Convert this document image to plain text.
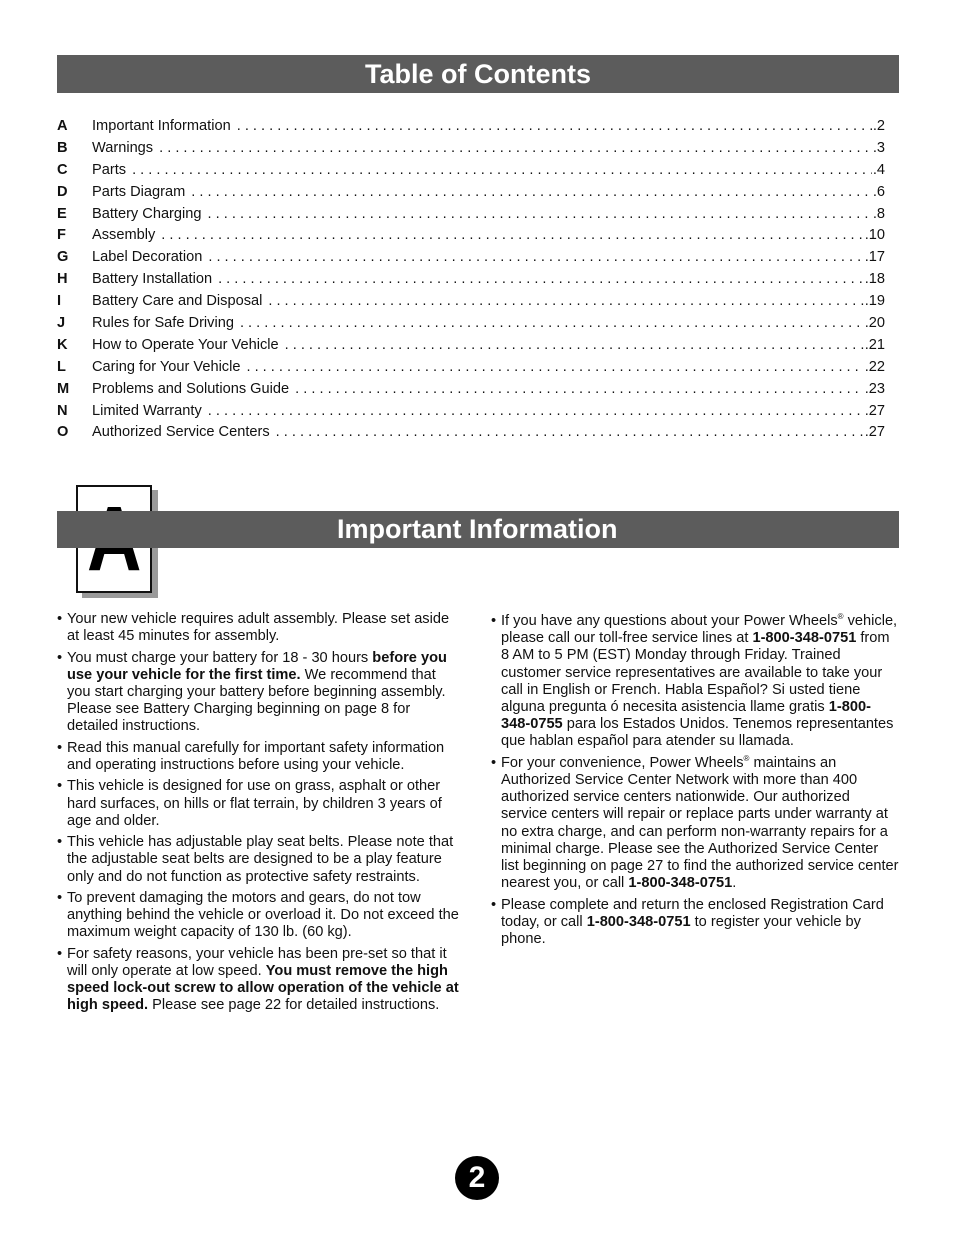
Table of Contents
A	Important Information . . .	.2
B	Warnings . . .	.3
C	Parts . . .	.4
D	Parts Diagram . . .	.6
E	Battery Charging . . .	.8
F	Assembly . . .	.10
G	Label Decoration . . .	.17
H	Battery Installation . . .	.18
I	Battery Care and Disposal . . .	.19
J	Rules for Safe Driving . . .	.20
K	How to Operate Your Vehicle . . .	.21
L	Caring for Your Vehicle . . .	.22
M	Problems and Solutions Guide . . .	.23
N	Limited Warranty . . .	.27
O	Authorized Service Centers . . .	.27
Important Information
• Your new vehicle requires adult assembly. Please set aside at least 45 minutes for assembly.
• You must charge your battery for 18 - 30 hours before you use your vehicle for the first time. We recommend that you start charging your battery before beginning assembly. Please see Battery Charging beginning on page 8 for detailed instructions.
• Read this manual carefully for important safety information and operating instructions before using your vehicle.
• This vehicle is designed for use on grass, asphalt or other hard surfaces, on hills or flat terrain, by children 3 years of age and older.
• This vehicle has adjustable play seat belts. Please note that the adjustable seat belts are designed to be a play feature only and do not function as protective safety restraints.
• To prevent damaging the motors and gears, do not tow anything behind the vehicle or overload it. Do not exceed the maximum weight capacity of 130 lb. (60 kg).
• For safety reasons, your vehicle has been pre-set so that it will only operate at low speed. You must remove the high speed lock-out screw to allow operation of the vehicle at high speed. Please see page 22 for detailed instructions.
• If you have any questions about your Power Wheels® vehicle, please call our toll-free service lines at 1-800-348-0751 from 8 AM to 5 PM (EST) Monday through Friday. Trained customer service representatives are available to take your call in English or French. Habla Español? Si usted tiene alguna pregunta ó necesita asistencia llame gratis 1-800-348-0755 para los Estados Unidos. Tenemos representantes que hablan español para atender su llamada.
• For your convenience, Power Wheels® maintains an Authorized Service Center Network with more than 400 authorized service centers nationwide. Our authorized service centers will repair or replace parts under warranty at no extra charge, and can perform non-warranty repairs for a minimal charge. Please see the Authorized Service Center list beginning on page 27 to find the authorized service center nearest you, or call 1-800-348-0751.
• Please complete and return the enclosed Registration Card today, or call 1-800-348-0751 to register your vehicle by phone.
2
